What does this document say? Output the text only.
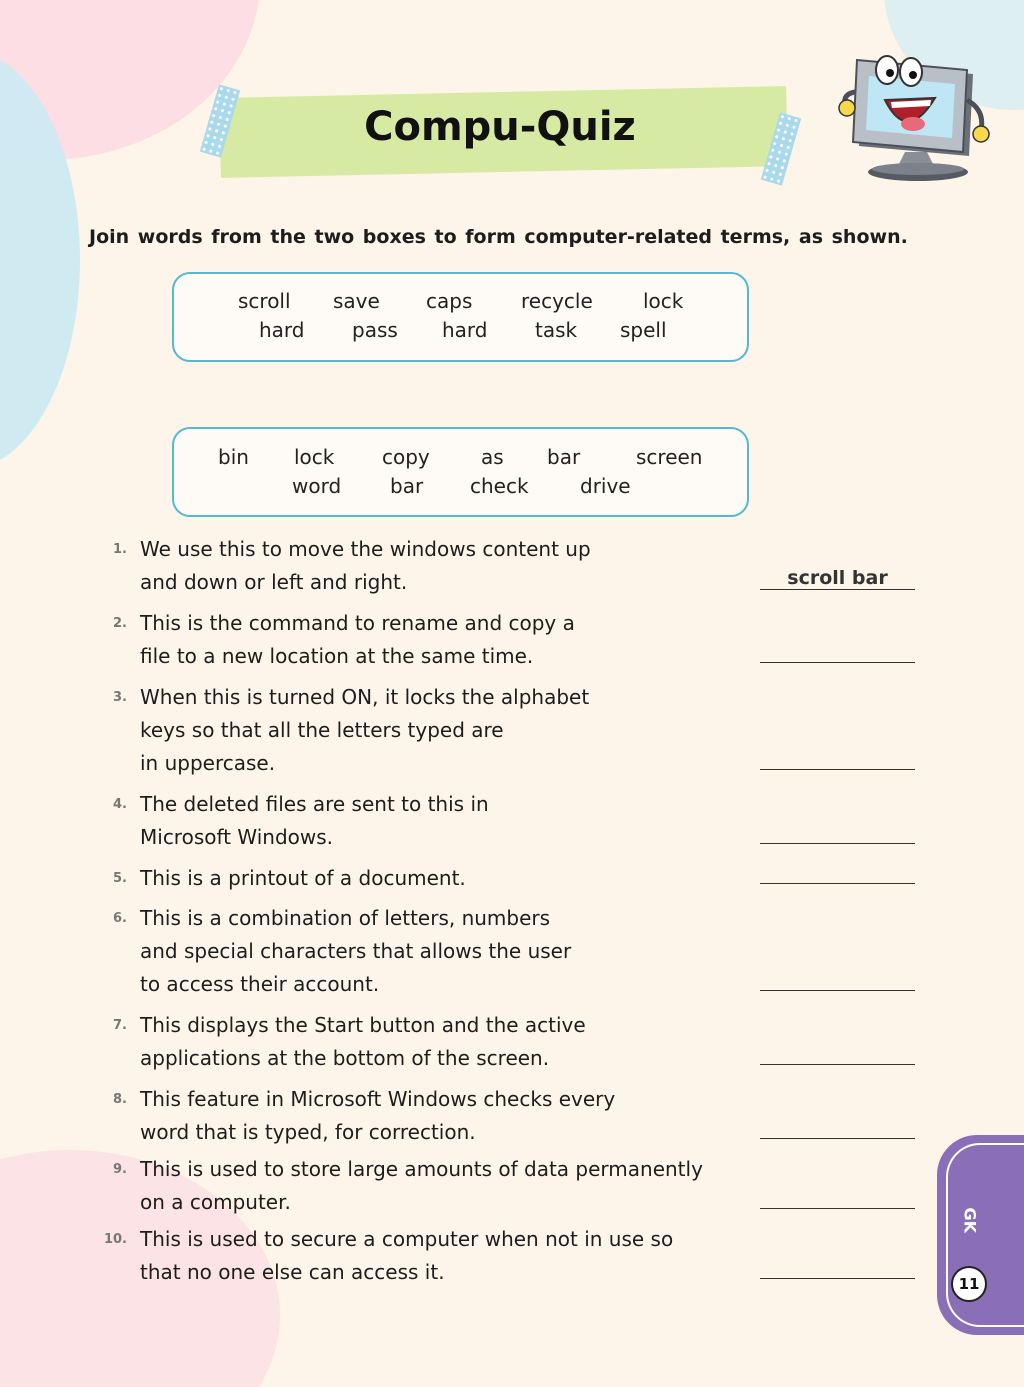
Compu-Quiz

Join words from the two boxes to form computer-related terms, as shown.

scroll save caps recycle	lock
hard pass hard task spell
bin lock copy	as bar	screen
word bar check	drive
1. We use this to move the windows content up
and down or left and right.	scroll bar
2. This is the command to rename and copy a
file to a new location at the same time.
3. When this is turned ON, it locks the alphabet
keys so that all the letters typed are
in uppercase.
4. The deleted files are sent to this in
Microsoft Windows.
5. This is a printout of a document.
6. This is a combination of letters, numbers
and special characters that allows the user
to access their account.
7. This displays the Start button and the active
applications at the bottom of the screen.
8. This feature in Microsoft Windows checks every
word that is typed, for correction.
9. This is used to store large amounts of data permanently
on a computer.
10. This is used to secure a computer when not in use so
that no one else can access it.
GK
11
